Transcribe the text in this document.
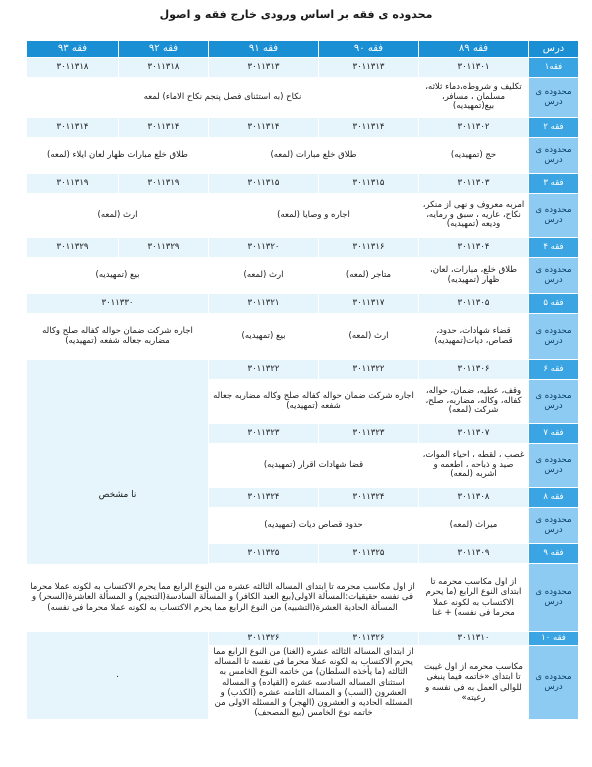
محدوده ی فقه بر اساس ورودی خارج فقه و اصول
درس	فقه ۸۹	فقه ۹۰	فقه ۹۱	فقه ۹۲	فقه ۹۳
فقه۱	۳۰۱۱۳۰۱	۳۰۱۱۳۱۳	۳۰۱۱۳۱۳	۳۰۱۱۳۱۸	۳۰۱۱۳۱۸
محدوده ی درس	تکلیف و شروط‌ه،دماء ثلاثه، مسلمان ، مسافر، بیع(تمهیدیه)	نکاح (به استثنای فصل پنجم نکاح الاماء) لمعه			
فقه ۲	۳۰۱۱۳۰۲	۳۰۱۱۳۱۴	۳۰۱۱۳۱۴	۳۰۱۱۳۱۴	۳۰۱۱۳۱۴
محدوده ی درس	حج (تمهیدیه)	طلاق خلع مبارات (لمعه)		طلاق خلع مبارات ظهار لعان ایلاء (لمعه)	
فقه ۳	۳۰۱۱۳۰۳	۳۰۱۱۳۱۵	۳۰۱۱۳۱۵	۳۰۱۱۳۱۹	۳۰۱۱۳۱۹
محدوده ی درس	امربه معروف و نهی از منکر، نکاح، عاریه ، سبق و رمایه، ودیعه (تمهیدیه)	اجاره و وصایا (لمعه)		ارث (لمعه)	
فقه ۴	۳۰۱۱۳۰۴	۳۰۱۱۳۱۶	۳۰۱۱۳۲۰	۳۰۱۱۳۲۹	۳۰۱۱۳۲۹
محدوده ی درس	طلاق خلع، مبارات، لعان، ظهار (تمهیدیه)	متاجر (لمعه)	ارث (لمعه)	بیع (تمهیدیه)	
فقه ۵	۳۰۱۱۳۰۵	۳۰۱۱۳۱۷	۳۰۱۱۳۲۱	۳۰۱۱۳۳۰	
محدوده ی درس	قضاء شهادات، حدود، قصاص، دیات(تمهیدیه)	ارث (لمعه)	بیع (تمهیدیه)	اجاره شرکت ضمان حواله کفاله صلح وکاله مضاربه جعاله شفعه (تمهیدیه)	
فقه ۶	۳۰۱۱۳۰۶	۳۰۱۱۳۲۲	۳۰۱۱۳۲۲	نا مشخص	
محدوده ی درس	وقف، عطیه، ضمان، حواله، کفاله، وکاله، مضاربه، صلح، شرکت (لمعه)	اجاره شرکت ضمان حواله کفاله صلح وکاله مضاربه جعاله شفعه (تمهیدیه)			
فقه ۷	۳۰۱۱۳۰۷	۳۰۱۱۳۲۳	۳۰۱۱۳۲۳		
محدوده ی درس	غصب ، لقطه ، احیاء الموات، صید و ذباحه ، اطعمه و اشربه (لمعه)	قضا شهادات اقرار (تمهیدیه)			
فقه ۸	۳۰۱۱۳۰۸	۳۰۱۱۳۲۴	۳۰۱۱۳۲۴		
محدوده ی درس	میراث (لمعه)	حدود قصاص دیات (تمهیدیه)			
فقه ۹	۳۰۱۱۳۰۹	۳۰۱۱۳۲۵	۳۰۱۱۳۲۵		
محدوده ی درس	از اول مکاسب محرمه تا ابتدای النوع الرابع (ما یحرم الاکتساب به لکونه عملا محرما فی نفسه) + غنا	از اول مکاسب محرمه تا ابتدای المساله الثالثه عشره من النوع الرابع مما یحرم الاکتساب به لکونه عملا محرما فی نفسه حقیقیات:المسألة الاولی(بیع العبد الکافر) و المسألة السادسة(التنجیم) و المسألة العاشرة(السحر) و المسألة الحادیة العشرة(التشبیه) من النوع الرابع مما یحرم الاکتساب به لکونه عملا محرما فی نفسه)			
فقه ۱۰	۳۰۱۱۳۱۰	۳۰۱۱۳۲۶	۳۰۱۱۳۲۶	.	
محدوده ی درس	مکاسب محرمه از اول غیبت تا ابتدای «خاتمه فیما ینبغی للوالی العمل به فی نفسه و رعیته»	از ابتدای المساله الثالثه عشره (الغنا) من النوع الرابع مما یحرم الاکتساب به لکونه عملا محرما فی نفسه تا المساله الثالثه (ما یأخذه السلطان) من خاتمه النوع الخامس به استثنای المساله السادسه عشره (القیاده) و المساله العشرون (السب) و المساله الثامنه عشره (الکذب) و المسئله الحادیه و العشرون (الهجر) و المسئله الاولی من خاتمه نوع الخامس (بیع المصحف)			
